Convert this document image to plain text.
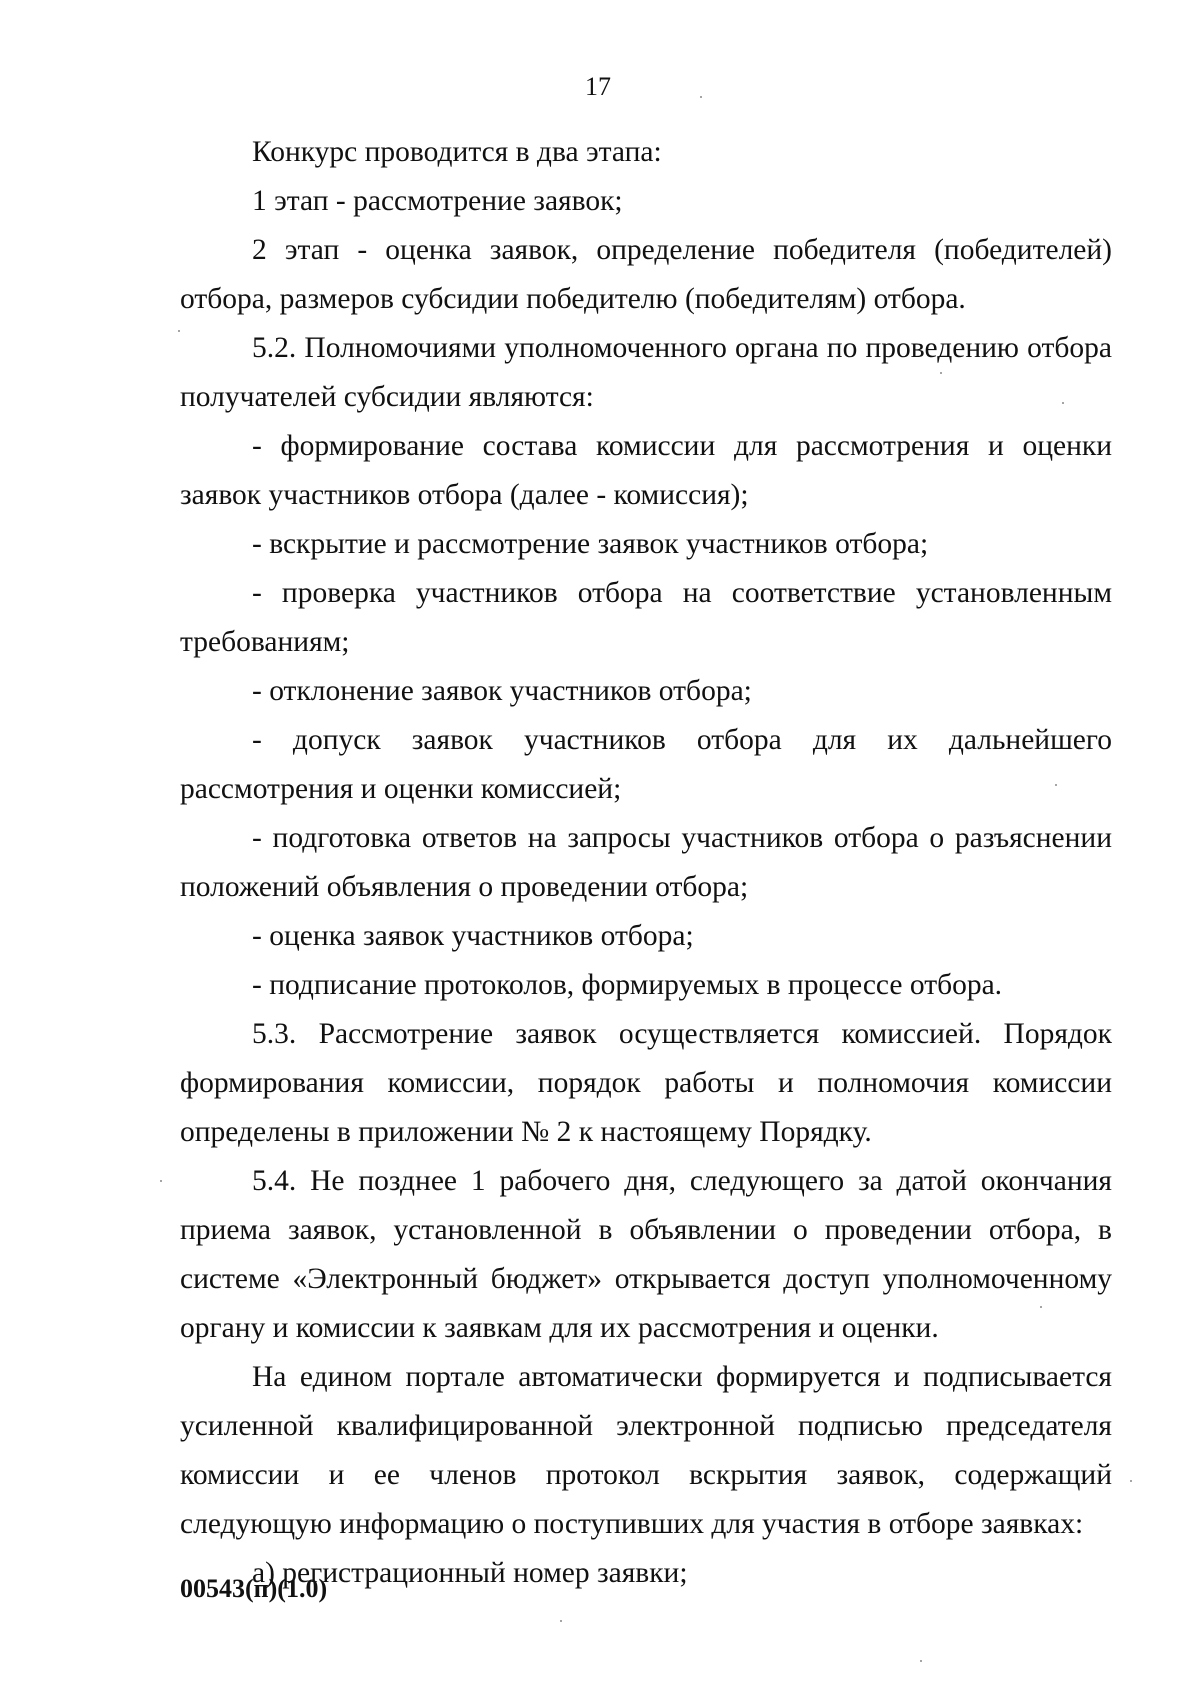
17

Конкурс проводится в два этапа:

1 этап - рассмотрение заявок;

2 этап - оценка заявок, определение победителя (победителей) отбора, размеров субсидии победителю (победителям) отбора.

5.2. Полномочиями уполномоченного органа по проведению отбора получателей субсидии являются:

- формирование состава комиссии для рассмотрения и оценки заявок участников отбора (далее - комиссия);

- вскрытие и рассмотрение заявок участников отбора;

- проверка участников отбора на соответствие установленным требованиям;

- отклонение заявок участников отбора;

- допуск заявок участников отбора для их дальнейшего рассмотрения и оценки комиссией;

- подготовка ответов на запросы участников отбора о разъяснении положений объявления о проведении отбора;

- оценка заявок участников отбора;

- подписание протоколов, формируемых в процессе отбора.

5.3. Рассмотрение заявок осуществляется комиссией. Порядок формирования комиссии, порядок работы и полномочия комиссии определены в приложении № 2 к настоящему Порядку.

5.4. Не позднее 1 рабочего дня, следующего за датой окончания приема заявок, установленной в объявлении о проведении отбора, в системе «Электронный бюджет» открывается доступ уполномоченному органу и комиссии к заявкам для их рассмотрения и оценки.

На едином портале автоматически формируется и подписывается усиленной квалифицированной электронной подписью председателя комиссии и ее членов протокол вскрытия заявок, содержащий следующую информацию о поступивших для участия в отборе заявках:

а) регистрационный номер заявки;

00543(п)(1.0)
